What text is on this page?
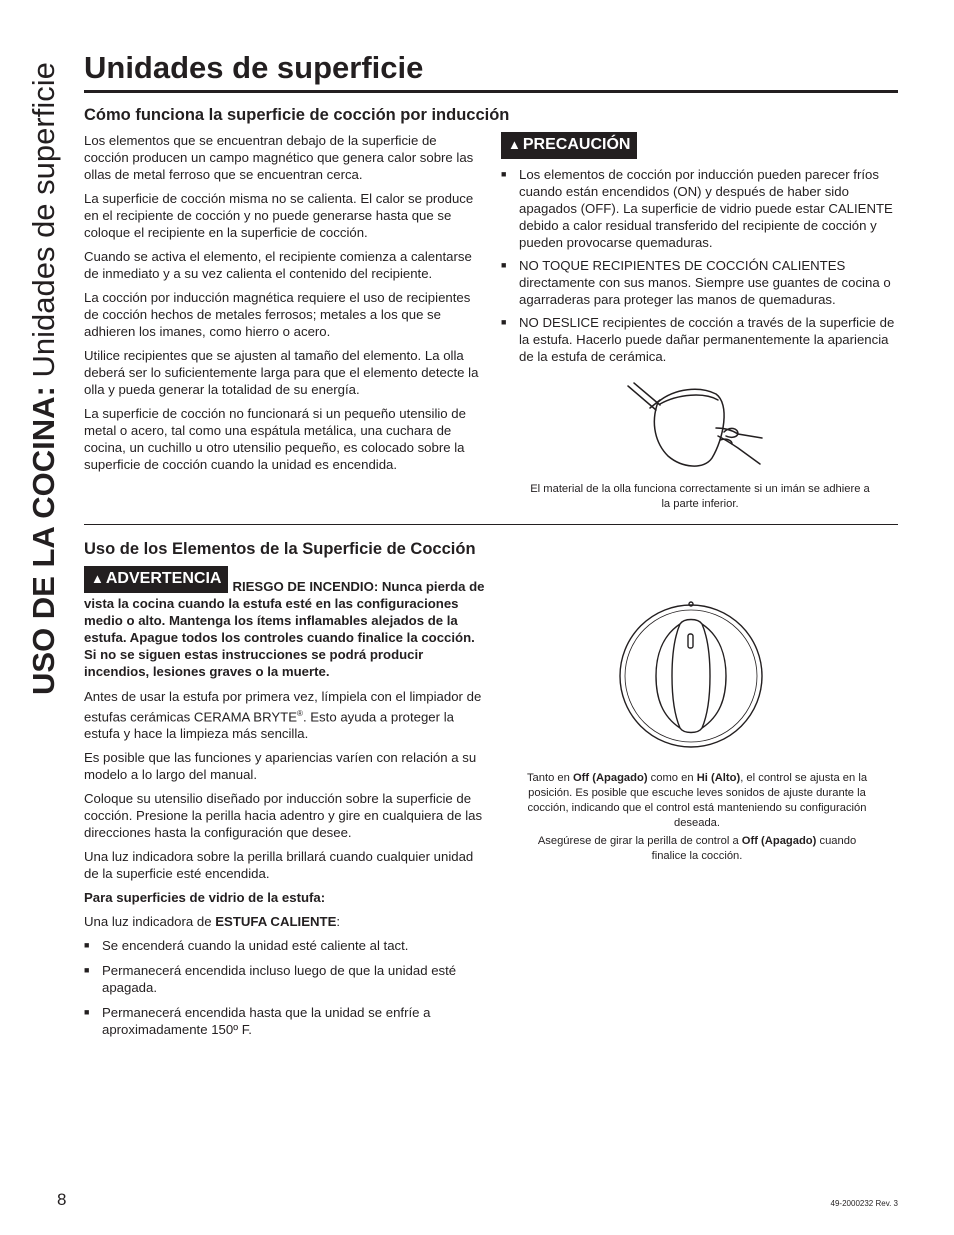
USO DE LA COCINA: Unidades de superficie Unidades de superficie
Cómo funciona la superficie de cocción por inducción

Los elementos que se encuentran debajo de la superficie de cocción producen un campo magnético que genera calor sobre las ollas de metal ferroso que se encuentran cerca.

La superficie de cocción misma no se calienta. El calor se produce en el recipiente de cocción y no puede generarse hasta que se coloque el recipiente en la superficie de cocción.

Cuando se activa el elemento, el recipiente comienza a calentarse de inmediato y a su vez calienta el contenido del recipiente.

La cocción por inducción magnética requiere el uso de recipientes de cocción hechos de metales ferrosos; metales a los que se adhieren los imanes, como hierro o acero.

Utilice recipientes que se ajusten al tamaño del elemento. La olla deberá ser lo suficientemente larga para que el elemento detecte la olla y pueda generar la totalidad de su energía.

La superficie de cocción no funcionará si un pequeño utensilio de metal o acero, tal como una espátula metálica, una cuchara de cocina, un cuchillo u otro utensilio pequeño, es colocado sobre la superficie de cocción cuando la unidad es encendida.

▲ PRECAUCIÓN
■ Los elementos de cocción por inducción pueden parecer fríos cuando están encendidos (ON) y después de haber sido apagados (OFF). La superficie de vidrio puede estar CALIENTE debido a calor residual transferido del recipiente de cocción y pueden provocarse quemaduras.
■ NO TOQUE RECIPIENTES DE COCCIÓN CALIENTES directamente con sus manos. Siempre use guantes de cocina o agarraderas para proteger las manos de quemaduras.
■ NO DESLICE recipientes de cocción a través de la superficie de la estufa. Hacerlo puede dañar permanentemente la apariencia de la estufa de cerámica.
El material de la olla funciona correctamente si un imán se adhiere a la parte inferior.
Uso de los Elementos de la Superficie de Cocción

▲ ADVERTENCIA RIESGO DE INCENDIO: Nunca pierda de vista la cocina cuando la estufa esté en las configuraciones medio o alto. Mantenga los ítems inflamables alejados de la estufa. Apague todos los controles cuando finalice la cocción. Si no se siguen estas instrucciones se podrá producir incendios, lesiones graves o la muerte.

Antes de usar la estufa por primera vez, límpiela con el limpiador de estufas cerámicas CERAMA BRYTE®. Esto ayuda a proteger la estufa y hace la limpieza más sencilla.

Es posible que las funciones y apariencias varíen con relación a su modelo a lo largo del manual.

Coloque su utensilio diseñado por inducción sobre la superficie de cocción. Presione la perilla hacia adentro y gire en cualquiera de las direcciones hasta la configuración que desee.

Una luz indicadora sobre la perilla brillará cuando cualquier unidad de la superficie esté encendida.

Para superficies de vidrio de la estufa:

Una luz indicadora de ESTUFA CALIENTE:

■ Se encenderá cuando la unidad esté caliente al tact.
■ Permanecerá encendida incluso luego de que la unidad esté apagada.
■ Permanecerá encendida hasta que la unidad se enfríe a aproximadamente 150º F.
Tanto en Off (Apagado) como en Hi (Alto), el control se ajusta en la posición. Es posible que escuche leves sonidos de ajuste durante la cocción, indicando que el control está manteniendo su configuración deseada.
Asegúrese de girar la perilla de control a Off (Apagado) cuando finalice la cocción.
8	49-2000232 Rev. 3
